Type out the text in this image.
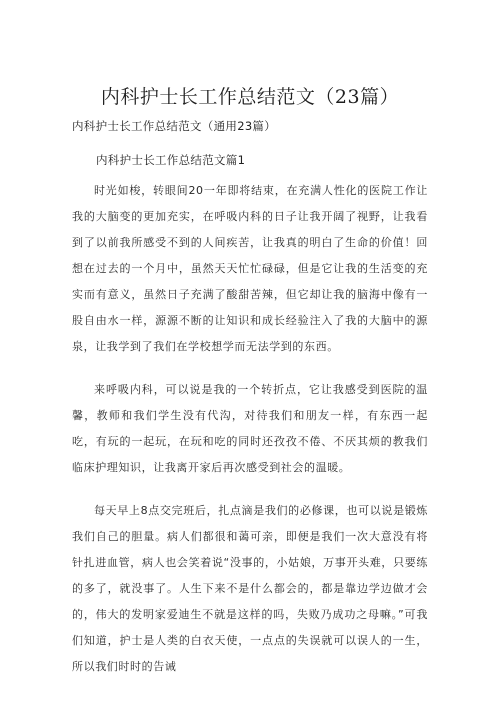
内科护士长工作总结范文（23篇）
内科护士长工作总结范文（通用23篇）
内科护士长工作总结范文篇1

时光如梭，转眼间20一年即将结束，在充满人性化的医院工作让我的大脑变的更加充实，在呼吸内科的日子让我开阔了视野，让我看到了以前我所感受不到的人间疾苦，让我真的明白了生命的价值！回想在过去的一个月中，虽然天天忙忙碌碌，但是它让我的生活变的充实而有意义，虽然日子充满了酸甜苦辣，但它却让我的脑海中像有一股自由水一样，源源不断的让知识和成长经验注入了我的大脑中的源泉，让我学到了我们在学校想学而无法学到的东西。

来呼吸内科，可以说是我的一个转折点，它让我感受到医院的温馨，教师和我们学生没有代沟，对待我们和朋友一样，有东西一起吃，有玩的一起玩，在玩和吃的同时还孜孜不倦、不厌其烦的教我们临床护理知识，让我离开家后再次感受到社会的温暖。

每天早上8点交完班后，扎点滴是我们的必修课，也可以说是锻炼我们自己的胆量。病人们都很和蔼可亲，即便是我们一次大意没有将针扎进血管，病人也会笑着说“没事的，小姑娘，万事开头难，只要练的多了，就没事了。人生下来不是什么都会的，都是靠边学边做才会的，伟大的发明家爱迪生不就是这样的吗，失败乃成功之母嘛。”可我们知道，护士是人类的白衣天使，一点点的失误就可以误人的一生，所以我们时时的告诫
